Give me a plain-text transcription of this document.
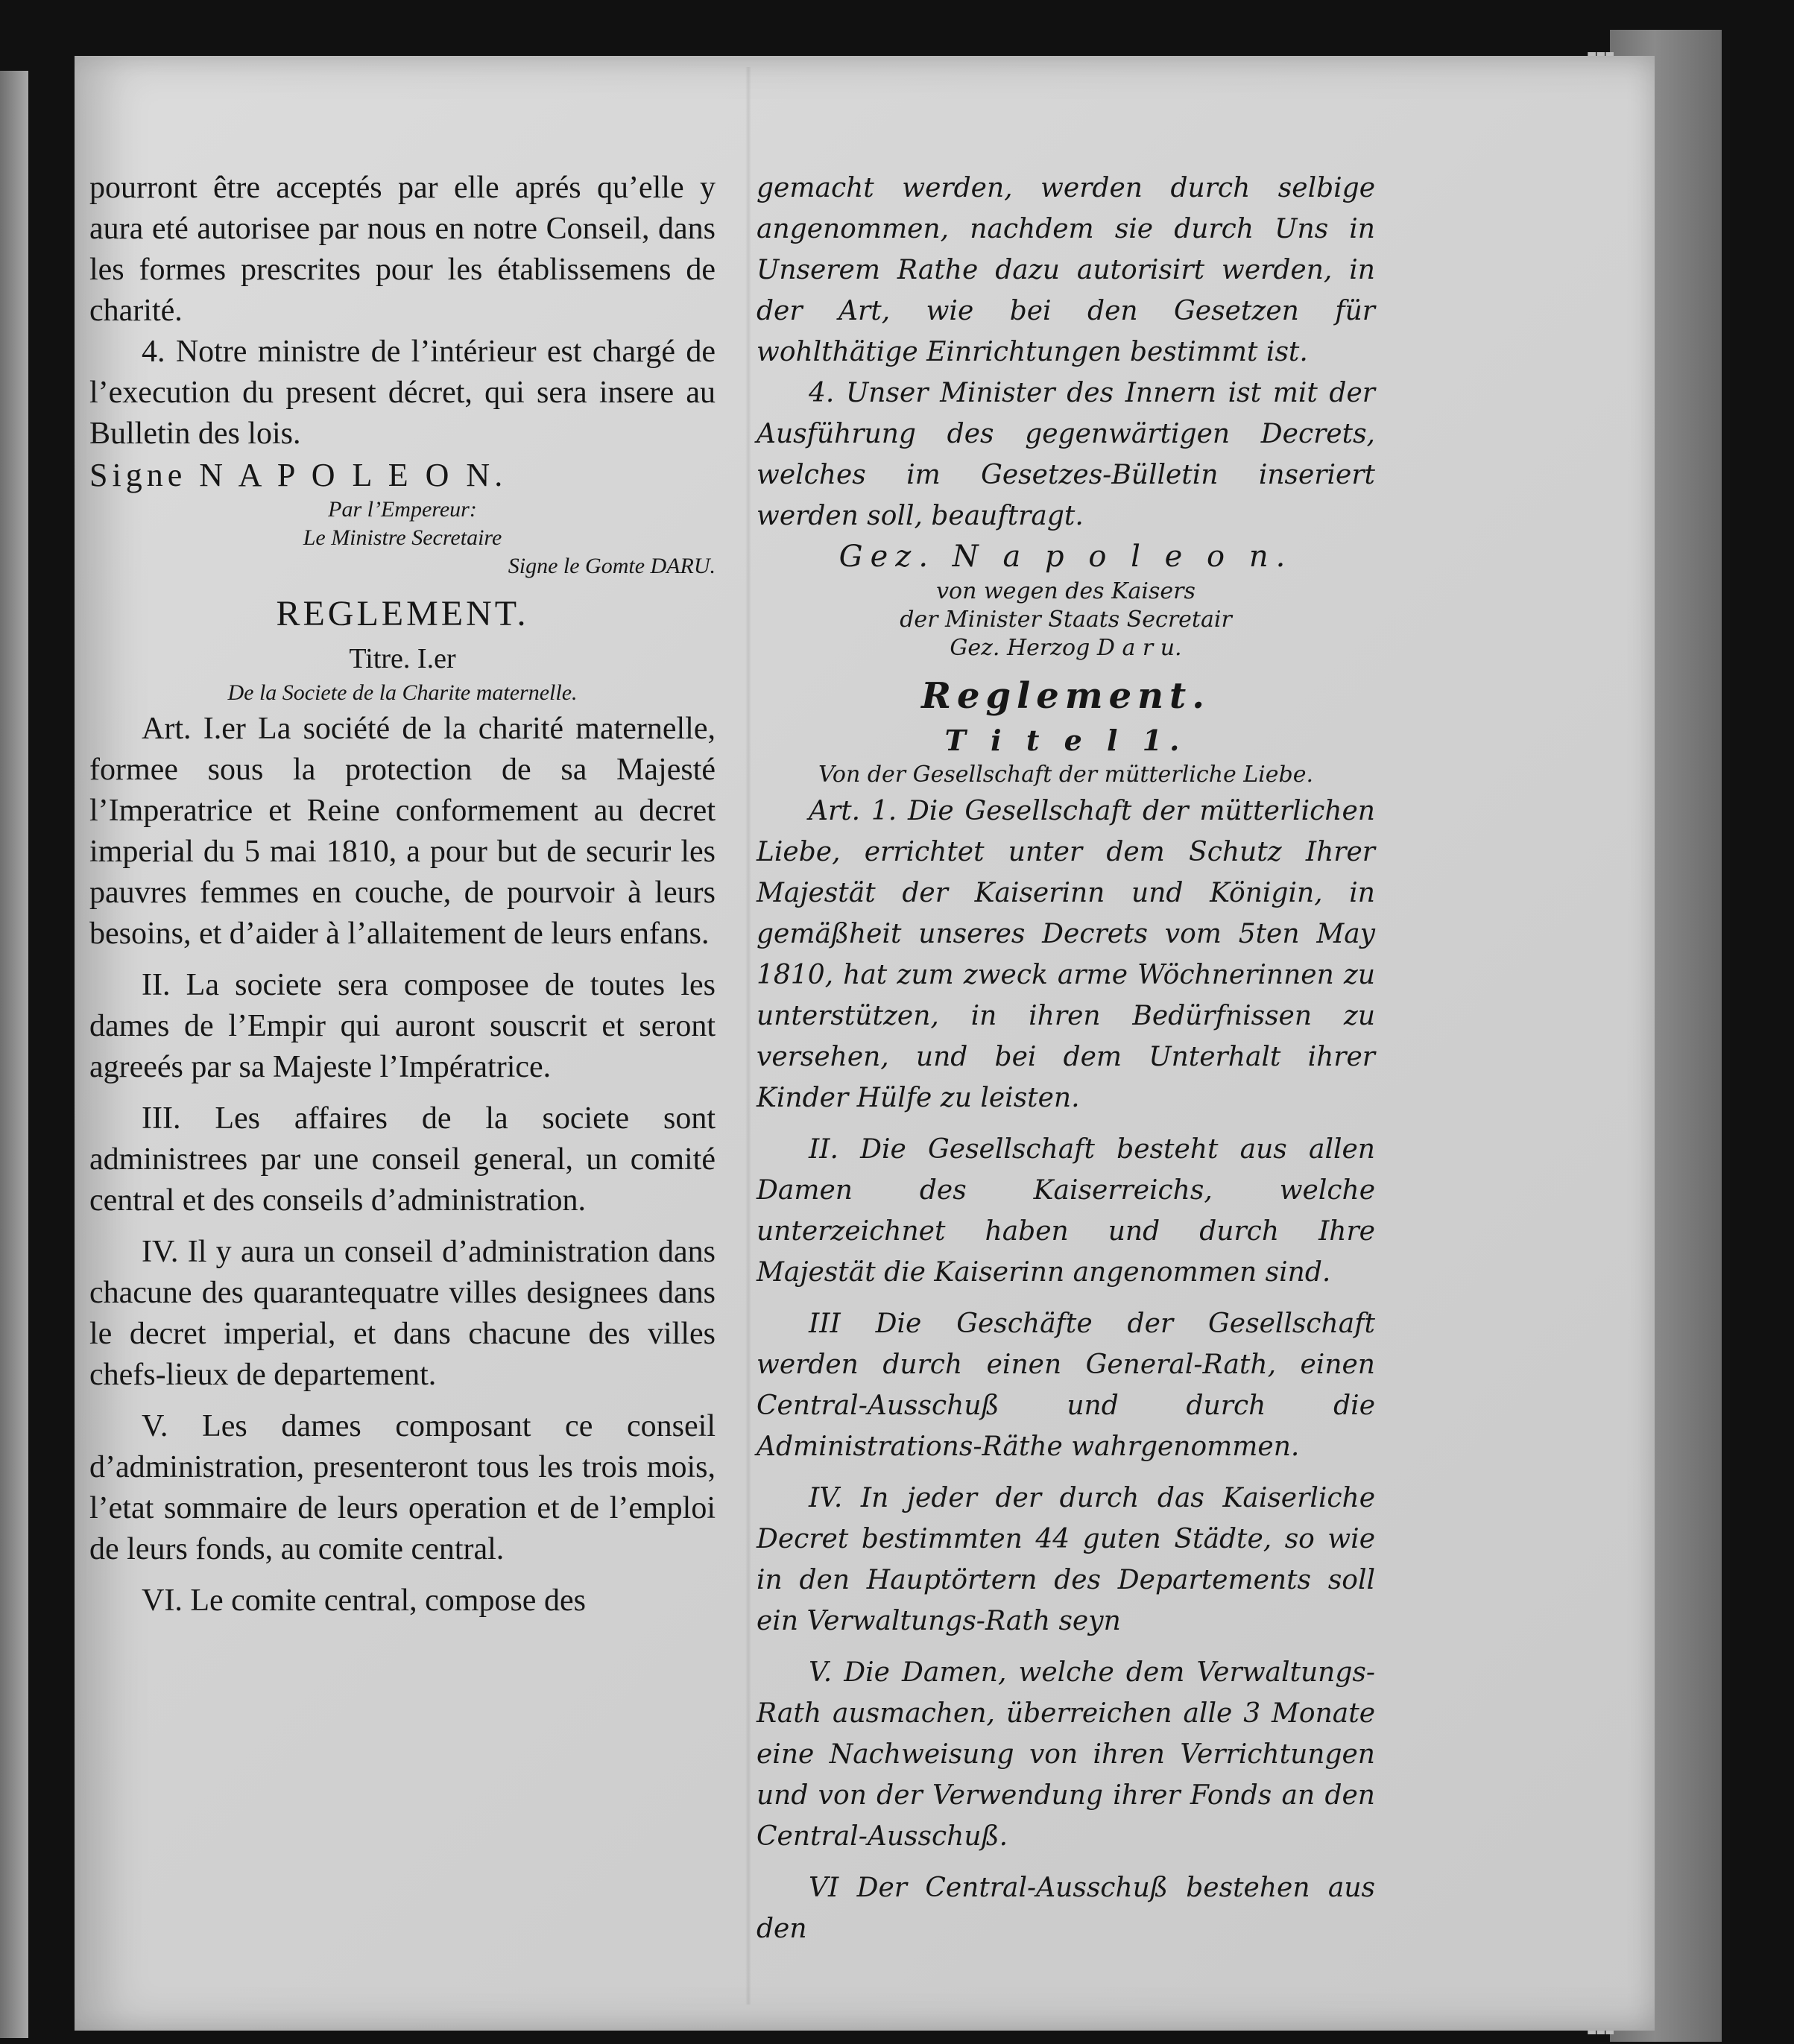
pourront être acceptés par elle aprés qu’elle y aura eté autorisee par nous en notre Conseil, dans les formes prescrites pour les établissemens de charité.

4. Notre ministre de l’intérieur est chargé de l’execution du present décret, qui sera insere au Bulletin des lois.

Signe N A P O L E O N.

Par l’Empereur:

Le Ministre Secretaire

Signe le Gomte DARU.

REGLEMENT.

Titre. I.er

De la Societe de la Charite maternelle.

Art. I.er La société de la charité maternelle, formee sous la protection de sa Majesté l’Imperatrice et Reine conformement au decret imperial du 5 mai 1810, a pour but de securir les pauvres femmes en couche, de pourvoir à leurs besoins, et d’aider à l’allaitement de leurs enfans.

II. La societe sera composee de toutes les dames de l’Empir qui auront souscrit et seront agreeés par sa Majeste l’Impératrice.

III. Les affaires de la societe sont administrees par une conseil general, un comité central et des conseils d’administration.

IV. Il y aura un conseil d’administration dans chacune des quarantequatre villes designees dans le decret imperial, et dans chacune des villes chefs-lieux de departement.

V. Les dames composant ce conseil d’administration, presenteront tous les trois mois, l’etat sommaire de leurs operation et de l’emploi de leurs fonds, au comite central.

VI. Le comite central, compose des

gemacht werden, werden durch selbige angenommen, nachdem sie durch Uns in Unserem Rathe dazu autorisirt werden, in der Art, wie bei den Gesetzen für wohlthätige Einrichtungen bestimmt ist.

4. Unser Minister des Innern ist mit der Ausführung des gegenwärtigen Decrets, welches im Gesetzes-Bülletin inseriert werden soll, beauftragt.

Gez. N a p o l e o n.

von wegen des Kaisers

der Minister Staats Secretair

Gez. Herzog D a r u.

Reglement.

T i t e l 1.

Von der Gesellschaft der mütterliche Liebe.

Art. 1. Die Gesellschaft der mütterlichen Liebe, errichtet unter dem Schutz Ihrer Majestät der Kaiserinn und Königin, in gemäßheit unseres Decrets vom 5ten May 1810, hat zum zweck arme Wöchnerinnen zu unterstützen, in ihren Bedürfnissen zu versehen, und bei dem Unterhalt ihrer Kinder Hülfe zu leisten.

II. Die Gesellschaft besteht aus allen Damen des Kaiserreichs, welche unterzeichnet haben und durch Ihre Majestät die Kaiserinn angenommen sind.

III Die Geschäfte der Gesellschaft werden durch einen General-Rath, einen Central-Ausschuß und durch die Administrations-Räthe wahrgenommen.

IV. In jeder der durch das Kaiserliche Decret bestimmten 44 guten Städte, so wie in den Hauptörtern des Departements soll ein Verwaltungs-Rath seyn

V. Die Damen, welche dem Verwaltungs-Rath ausmachen, überreichen alle 3 Monate eine Nachweisung von ihren Verrichtungen und von der Verwendung ihrer Fonds an den Central-Ausschuß.

VI Der Central-Ausschuß bestehen aus den
